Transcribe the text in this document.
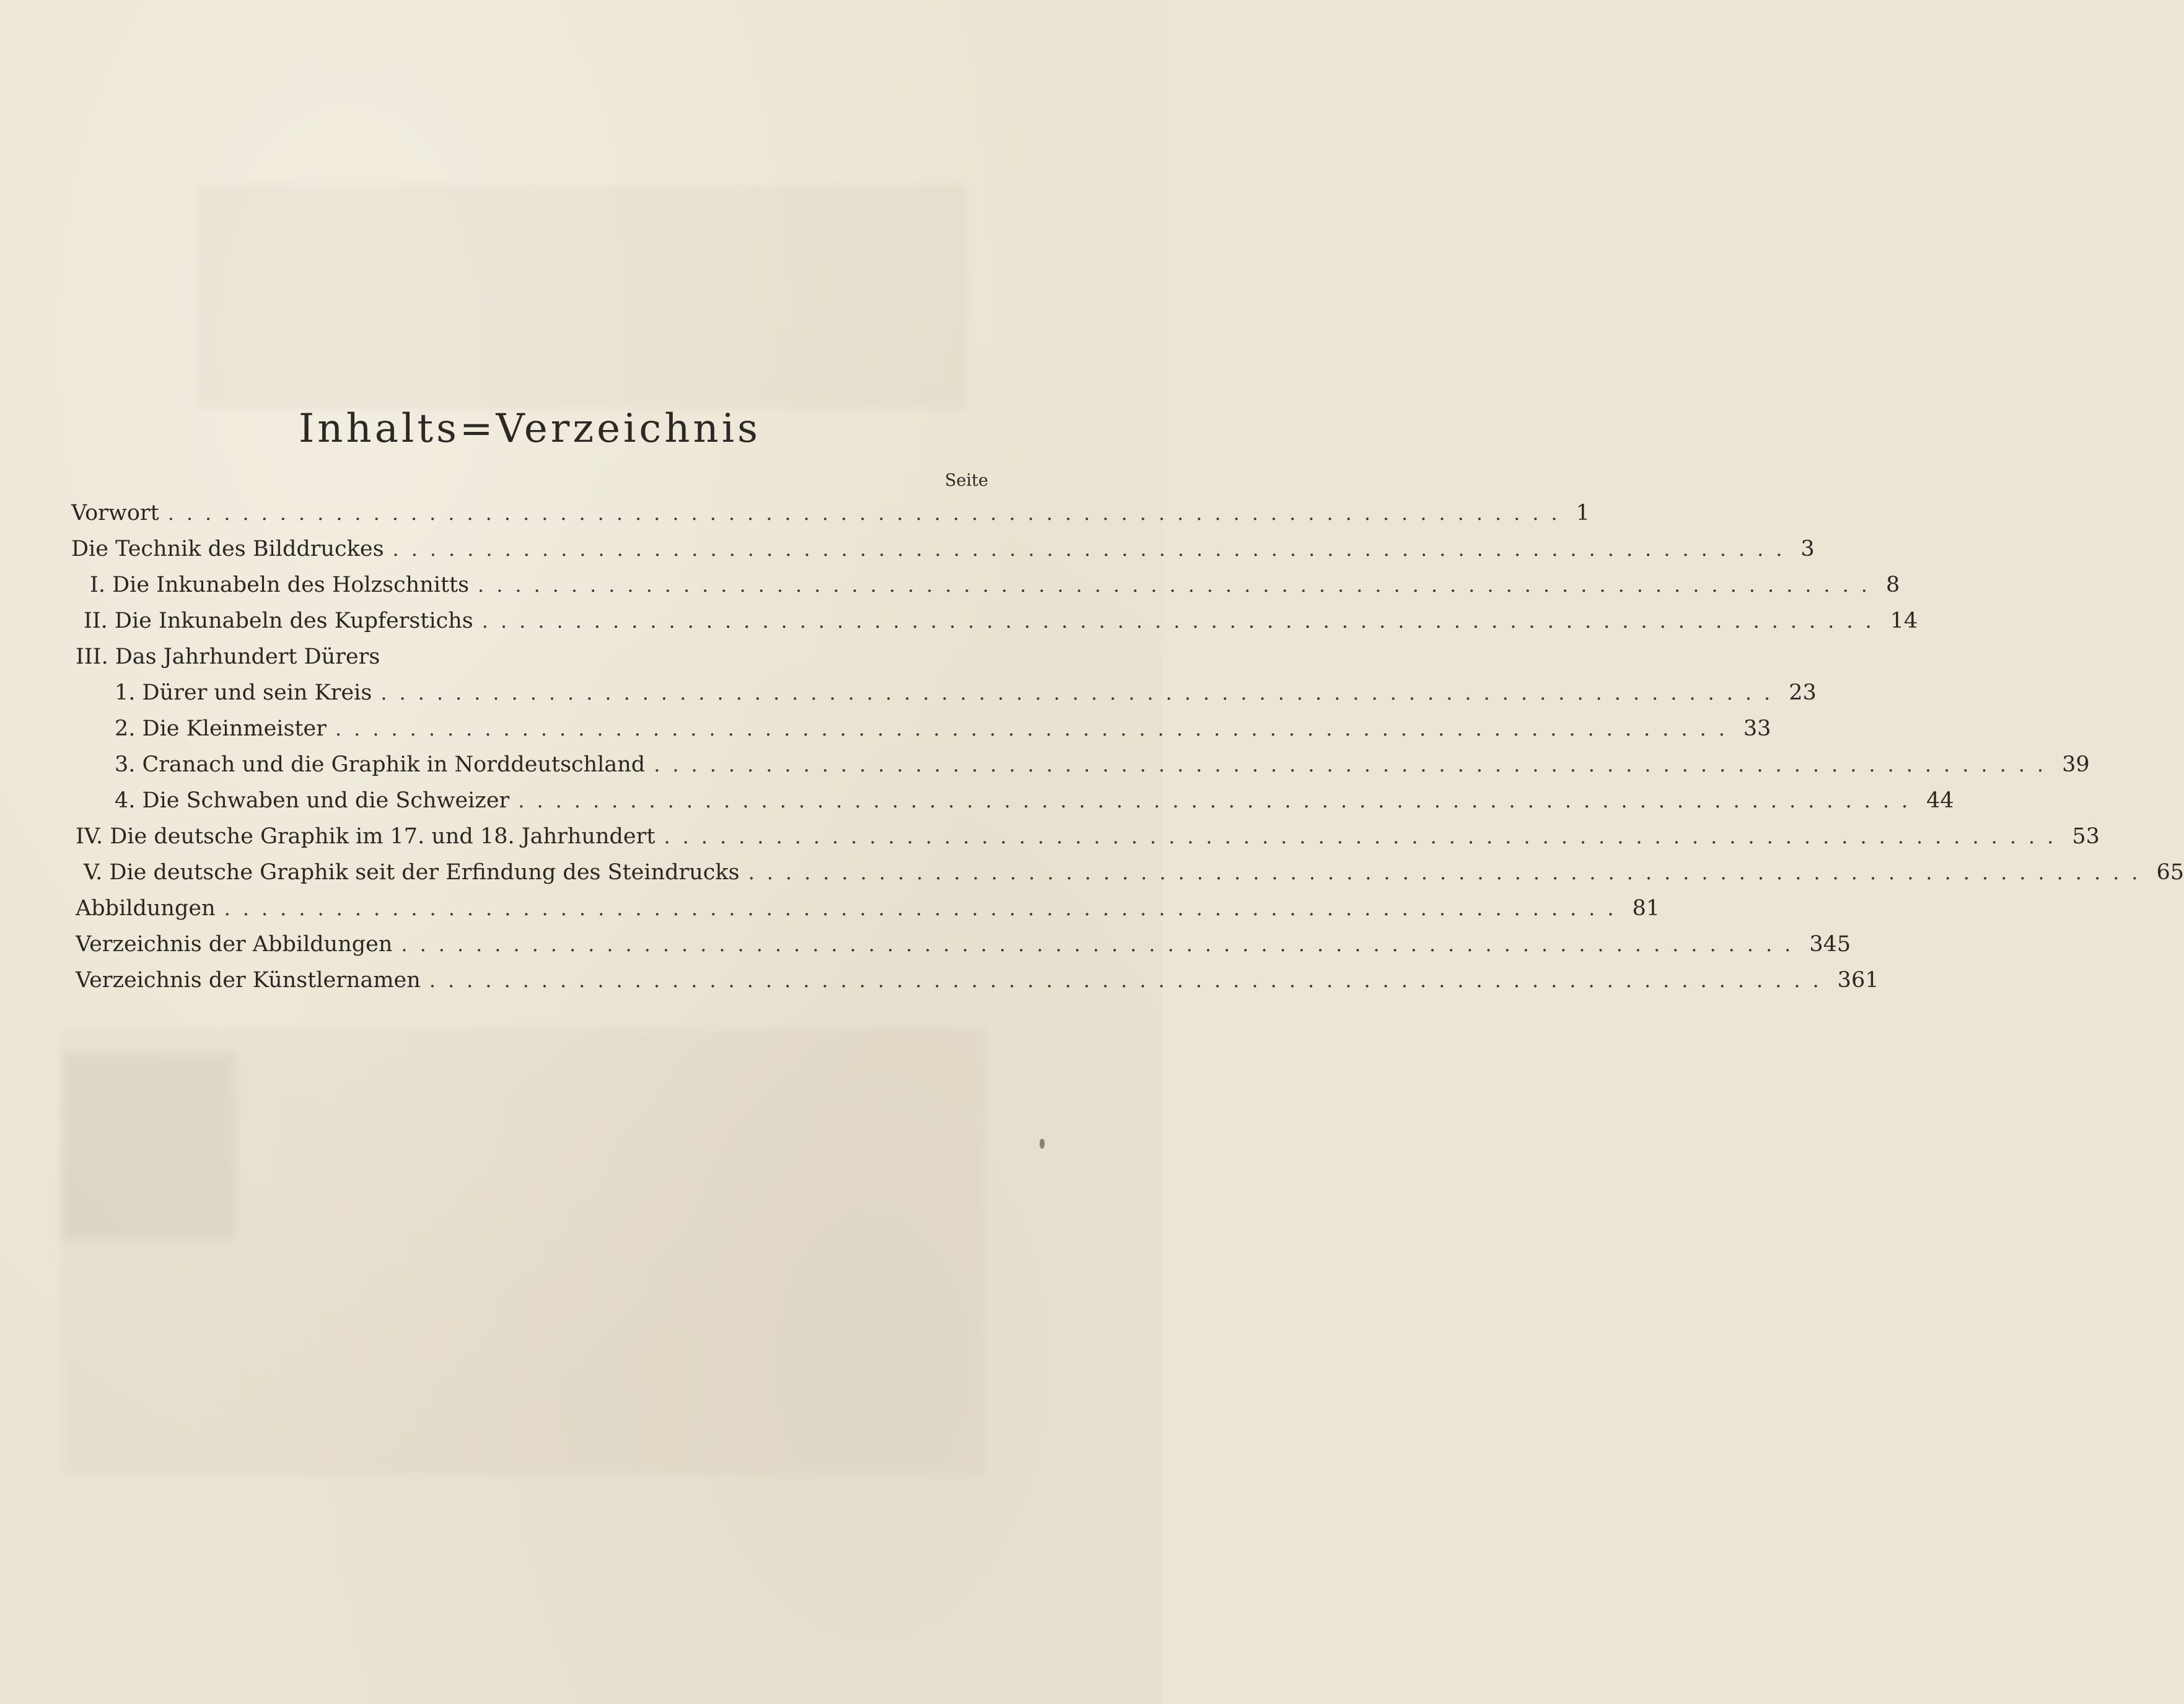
Inhalts=Verzeichnis
Seite
Vorwort ........................................................................... 1
Die Technik des Bilddruckes ........................................................................... 3
I. Die Inkunabeln des Holzschnitts ........................................................................... 8
II. Die Inkunabeln des Kupferstichs ........................................................................... 14
III. Das Jahrhundert Dürers
1. Dürer und sein Kreis ........................................................................... 23
2. Die Kleinmeister ........................................................................... 33
3. Cranach und die Graphik in Norddeutschland ........................................................................... 39
4. Die Schwaben und die Schweizer ........................................................................... 44
IV. Die deutsche Graphik im 17. und 18. Jahrhundert ........................................................................... 53
V. Die deutsche Graphik seit der Erfindung des Steindrucks ........................................................................... 65
Abbildungen ........................................................................... 81
Verzeichnis der Abbildungen ........................................................................... 345
Verzeichnis der Künstlernamen ........................................................................... 361
